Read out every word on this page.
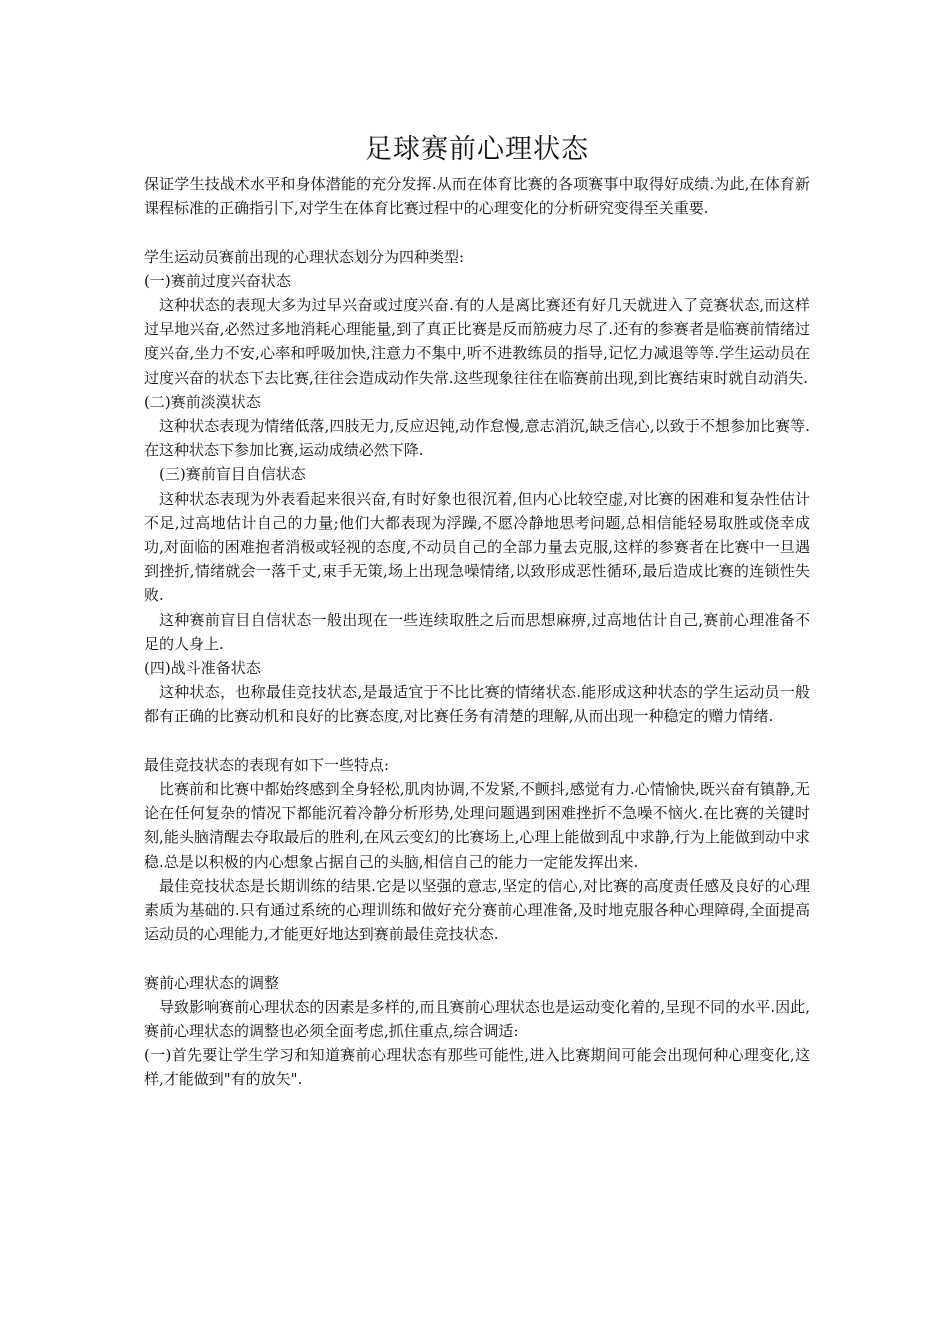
足球赛前心理状态

保证学生技战术水平和身体潜能的充分发挥.从而在体育比赛的各项赛事中取得好成绩.为此,在体育新课程标准的正确指引下,对学生在体育比赛过程中的心理变化的分析研究变得至关重要.

学生运动员赛前出现的心理状态划分为四种类型:

(一)赛前过度兴奋状态

这种状态的表现大多为过早兴奋或过度兴奋.有的人是离比赛还有好几天就进入了竞赛状态,而这样过早地兴奋,必然过多地消耗心理能量,到了真正比赛是反而筋疲力尽了.还有的参赛者是临赛前情绪过度兴奋,坐力不安,心率和呼吸加快,注意力不集中,听不进教练员的指导,记忆力减退等等.学生运动员在过度兴奋的状态下去比赛,往往会造成动作失常.这些现象往往在临赛前出现,到比赛结束时就自动消失.

(二)赛前淡漠状态

这种状态表现为情绪低落,四肢无力,反应迟钝,动作怠慢,意志消沉,缺乏信心,以致于不想参加比赛等.在这种状态下参加比赛,运动成绩必然下降.

(三)赛前盲目自信状态

这种状态表现为外表看起来很兴奋,有时好象也很沉着,但内心比较空虚,对比赛的困难和复杂性估计不足,过高地估计自己的力量;他们大都表现为浮躁,不愿冷静地思考问题,总相信能轻易取胜或侥幸成功,对面临的困难抱者消极或轻视的态度,不动员自己的全部力量去克服,这样的参赛者在比赛中一旦遇到挫折,情绪就会一落千丈,束手无策,场上出现急噪情绪,以致形成恶性循环,最后造成比赛的连锁性失败.

这种赛前盲目自信状态一般出现在一些连续取胜之后而思想麻痹,过高地估计自己,赛前心理准备不足的人身上.

(四)战斗准备状态

这种状态，也称最佳竞技状态,是最适宜于不比比赛的情绪状态.能形成这种状态的学生运动员一般都有正确的比赛动机和良好的比赛态度,对比赛任务有清楚的理解,从而出现一种稳定的赠力情绪.

最佳竞技状态的表现有如下一些特点:

比赛前和比赛中都始终感到全身轻松,肌肉协调,不发紧,不颤抖,感觉有力.心情愉快,既兴奋有镇静,无论在任何复杂的情况下都能沉着冷静分析形势,处理问题遇到困难挫折不急噪不恼火.在比赛的关键时刻,能头脑清醒去夺取最后的胜利,在风云变幻的比赛场上,心理上能做到乱中求静,行为上能做到动中求稳.总是以积极的内心想象占据自己的头脑,相信自己的能力一定能发挥出来.

最佳竞技状态是长期训练的结果.它是以坚强的意志,坚定的信心,对比赛的高度责任感及良好的心理素质为基础的.只有通过系统的心理训练和做好充分赛前心理准备,及时地克服各种心理障碍,全面提高运动员的心理能力,才能更好地达到赛前最佳竞技状态.

赛前心理状态的调整

导致影响赛前心理状态的因素是多样的,而且赛前心理状态也是运动变化着的,呈现不同的水平.因此,赛前心理状态的调整也必须全面考虑,抓住重点,综合调适:

(一)首先要让学生学习和知道赛前心理状态有那些可能性,进入比赛期间可能会出现何种心理变化,这样,才能做到"有的放矢".
